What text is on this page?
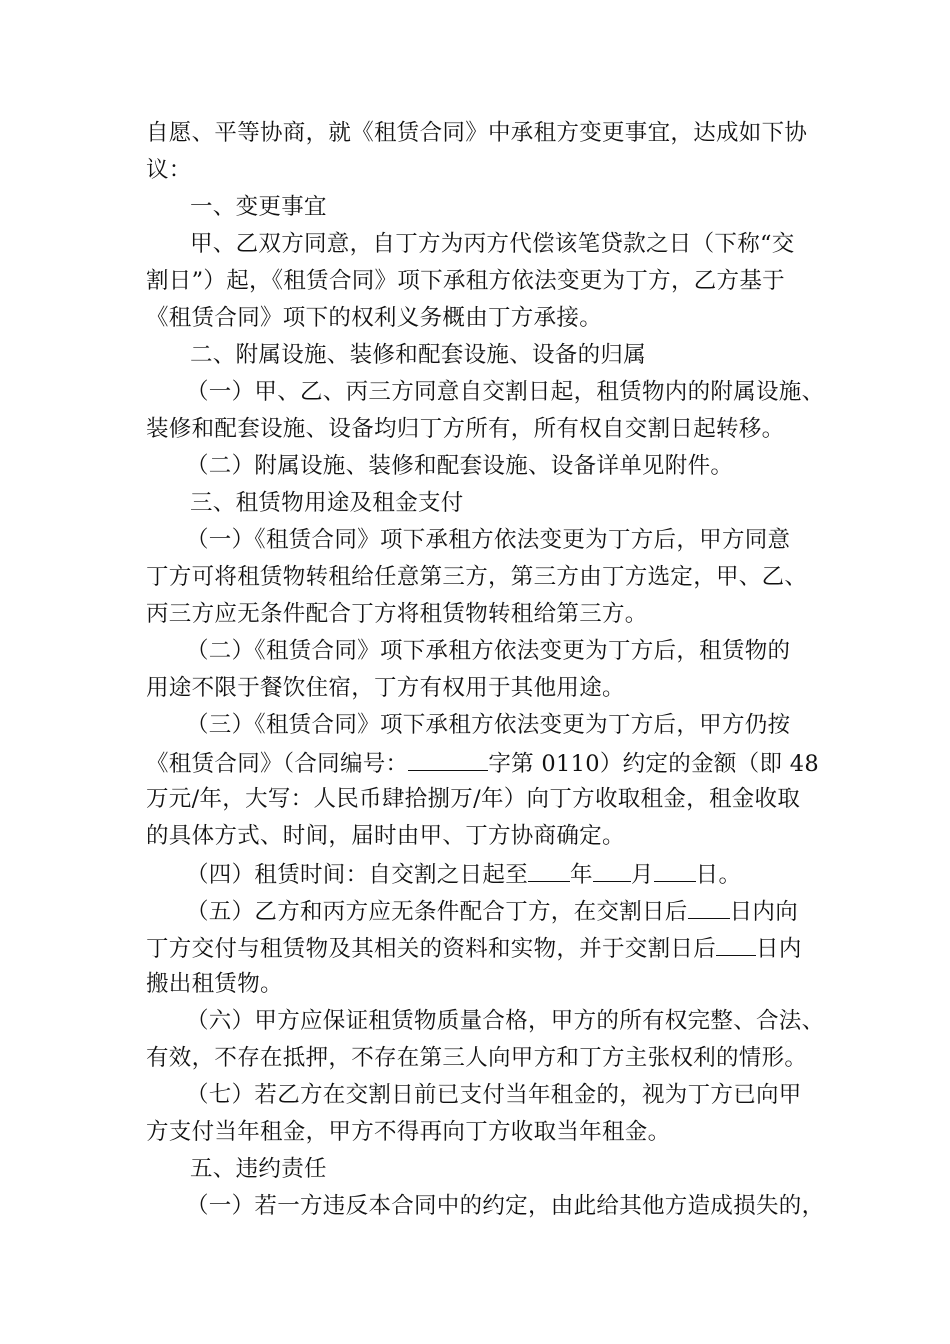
自愿、平等协商，就《租赁合同》中承租方变更事宜，达成如下协
议：
一、变更事宜
甲、乙双方同意，自丁方为丙方代偿该笔贷款之日（下称“交
割日”）起，《租赁合同》项下承租方依法变更为丁方，乙方基于
《租赁合同》项下的权利义务概由丁方承接。
二、附属设施、装修和配套设施、设备的归属
（一）甲、乙、丙三方同意自交割日起，租赁物内的附属设施、
装修和配套设施、设备均归丁方所有，所有权自交割日起转移。
（二）附属设施、装修和配套设施、设备详单见附件。
三、租赁物用途及租金支付
（一）《租赁合同》项下承租方依法变更为丁方后，甲方同意
丁方可将租赁物转租给任意第三方，第三方由丁方选定，甲、乙、
丙三方应无条件配合丁方将租赁物转租给第三方。
（二）《租赁合同》项下承租方依法变更为丁方后，租赁物的
用途不限于餐饮住宿，丁方有权用于其他用途。
（三）《租赁合同》项下承租方依法变更为丁方后，甲方仍按
《租赁合同》（合同编号：	字第 0110）约定的金额（即 48
万元/年，大写：人民币肆拾捌万/年）向丁方收取租金，租金收取
的具体方式、时间，届时由甲、丁方协商确定。
（四）租赁时间：自交割之日起至 年 月 日。
（五）乙方和丙方应无条件配合丁方，在交割日后 日内向
丁方交付与租赁物及其相关的资料和实物，并于交割日后 日内
搬出租赁物。
（六）甲方应保证租赁物质量合格，甲方的所有权完整、合法、
有效，不存在抵押，不存在第三人向甲方和丁方主张权利的情形。
（七）若乙方在交割日前已支付当年租金的，视为丁方已向甲
方支付当年租金，甲方不得再向丁方收取当年租金。
五、违约责任
（一）若一方违反本合同中的约定，由此给其他方造成损失的，
